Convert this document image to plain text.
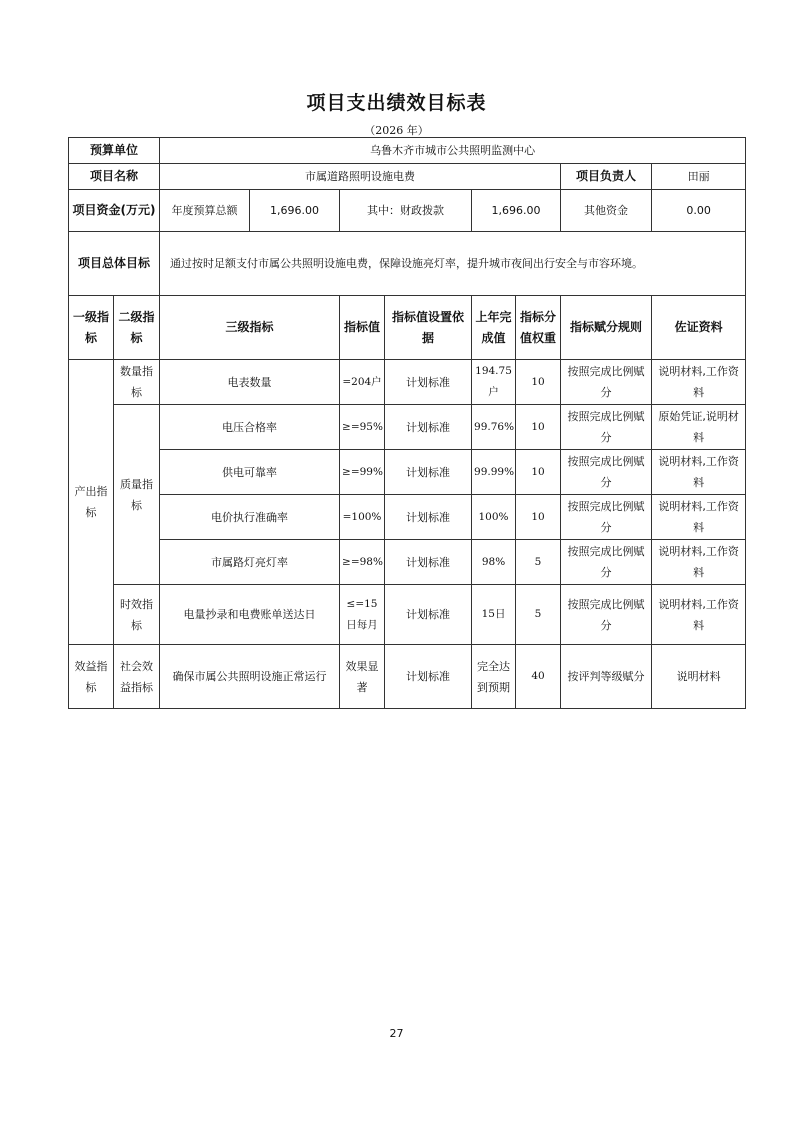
项目支出绩效目标表
（2026 年）
预算单位		乌鲁木齐市城市公共照明监测中心							
项目名称		市属道路照明设施电费						项目负责人	田丽
项目资金(万元)		年度预算总额	1,696.00	其中：财政拨款		1,696.00		其他资金	0.00
项目总体目标		通过按时足额支付市属公共照明设施电费，保障设施亮灯率，提升城市夜间出行安全与市容环境。							
一级指标	二级指标	三级指标		指标值	指标值设置依据	上年完成值	指标分值权重	指标赋分规则	佐证资料
产出指标	数量指标	电表数量		=204户	计划标准	194.75户	10	按照完成比例赋分	说明材料,工作资料
	质量指标	电压合格率		≥=95%	计划标准	99.76%	10	按照完成比例赋分	原始凭证,说明材料
		供电可靠率		≥=99%	计划标准	99.99%	10	按照完成比例赋分	说明材料,工作资料
		电价执行准确率		=100%	计划标准	100%	10	按照完成比例赋分	说明材料,工作资料
		市属路灯亮灯率		≥=98%	计划标准	98%	5	按照完成比例赋分	说明材料,工作资料
	时效指标	电量抄录和电费账单送达日		≤=15日每月	计划标准	15日	5	按照完成比例赋分	说明材料,工作资料
效益指标	社会效益指标	确保市属公共照明设施正常运行		效果显著	计划标准	完全达到预期	40	按评判等级赋分	说明材料
27
